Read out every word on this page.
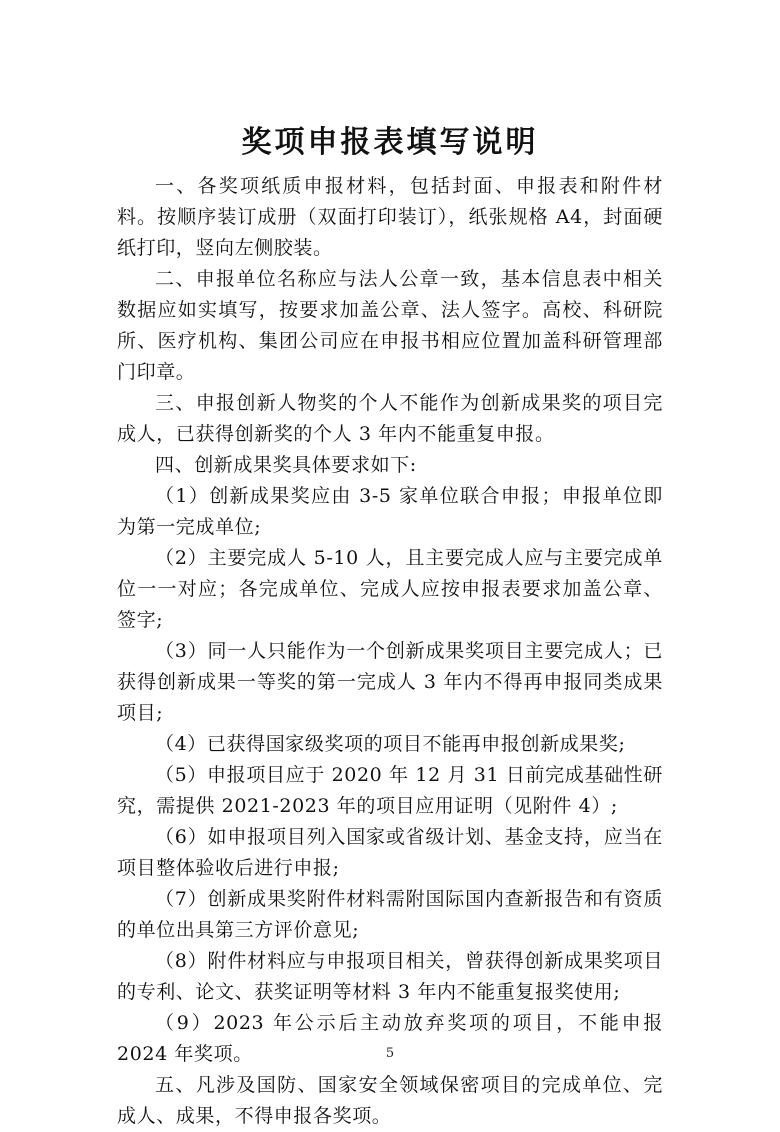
奖项申报表填写说明

一、各奖项纸质申报材料，包括封面、申报表和附件材料。按顺序装订成册（双面打印装订），纸张规格 A4，封面硬纸打印，竖向左侧胶装。

二、申报单位名称应与法人公章一致，基本信息表中相关数据应如实填写，按要求加盖公章、法人签字。高校、科研院所、医疗机构、集团公司应在申报书相应位置加盖科研管理部门印章。

三、申报创新人物奖的个人不能作为创新成果奖的项目完成人，已获得创新奖的个人 3 年内不能重复申报。

四、创新成果奖具体要求如下:

（1）创新成果奖应由 3-5 家单位联合申报；申报单位即为第一完成单位;

（2）主要完成人 5-10 人，且主要完成人应与主要完成单位一一对应；各完成单位、完成人应按申报表要求加盖公章、签字;

（3）同一人只能作为一个创新成果奖项目主要完成人；已获得创新成果一等奖的第一完成人 3 年内不得再申报同类成果项目;

（4）已获得国家级奖项的项目不能再申报创新成果奖;

（5）申报项目应于 2020 年 12 月 31 日前完成基础性研究，需提供 2021-2023 年的项目应用证明（见附件 4）;

（6）如申报项目列入国家或省级计划、基金支持，应当在项目整体验收后进行申报;

（7）创新成果奖附件材料需附国际国内查新报告和有资质的单位出具第三方评价意见;

（8）附件材料应与申报项目相关，曾获得创新成果奖项目的专利、论文、获奖证明等材料 3 年内不能重复报奖使用;

（9）2023 年公示后主动放弃奖项的项目，不能申报 2024 年奖项。

五、凡涉及国防、国家安全领域保密项目的完成单位、完成人、成果，不得申报各奖项。

5
